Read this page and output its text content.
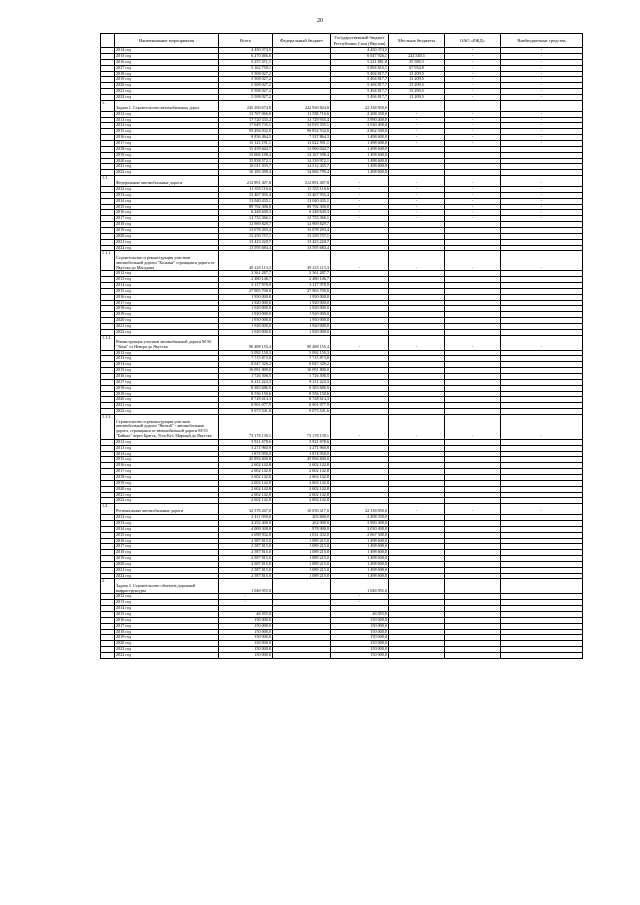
20
	Наименование мероприятия	Всего	Федеральный бюджет	Государственный бюджет Республики Саха (Якутия)	Местные бюджеты	ОАО «РЖД»	Внебюджетные средства
	2014 год	4 450 374,5		4 450 374,5		-	-
	2015 год	6 270 466,6		6 047 926,1	222 540,5	-	-
	2016 год	5 257 471,1		5 221 881,8	35 589,3	-	-
	2017 год	5 162 750,1		5 094 816,1	67 934,0	-	-
	2018 год	5 508 027,2		5 494 817,7	13 209,5	-	-
	2019 год	5 508 027,2		5 494 817,7	13 209,5	-	-
	2020 год	5 508 027,2		5 494 817,7	13 209,5	-	-
	2021 год	5 508 027,2		5 494 817,7	13 209,5	-	-
	2022 год	5 508 027,2		5 494 817,7	13 209,5	-	-
1.	Задача 1. Строительство автомобильных дорог	245 269 674,8	222 930 824,8	22 338 850,0			
	2012 год	13 767 066,6	11 558 716,6	2 208 350,0	-	-	-
	2013 год	17 720 335,4	13 729 935,4	3 990 400,0	-	-	-
	2014 год	17 049 735,1	14 019 335,1	3 030 400,0	-	-	-
	2015 год	93 494 032,0	90 832 532,0	2 662 500,0	-	-	-
	2016 год	8 836 464,3	7 337 864,3	1 498 600,0	-	-	-
	2017 год	15 121 191,1	13 622 591,1	1 498 600,0	-	-	-
	2018 год	15 459 644,7	13 960 044,7	1 498 600,0			
	2019 год	15 666 198,4	14 167 598,4	1 498 600,0			
	2020 год	15 838 572,1	14 339 972,1	1 498 600,0			
	2021 год	16 011 035,7	14 512 435,7	1 498 600,0			
	2022 год	16 183 399,4	14 684 799,4	1 498 600,0			
1.1.	Федеральные автомобильные дороги	212 891 407,8	212 891 407,8	-	-	-	-
	2012 год	11 355 116,6	11 355 116,6	-	-	-	-
	2013 год	13 467 935,4	13 467 935,4	-	-	-	-
	2014 год	13 040 435,1	13 040 435,1	-	-	-	-
	2015 год	89 792 300,0	89 792 300,0	-	-	-	-
	2016 год	6 248 649,3	6 248 649,3	-	-	-	-
	2017 год	12 733 366,1	12 733 366,1	-	-	-	-
	2018 год	12 969 829,7	12 969 829,7				
	2019 год	13 078 293,4	13 078 293,4				
	2020 год	13 250 757,1	13 250 757,1				
	2021 год	13 423 220,7	13 423 220,7				
	2022 год	13 595 684,4	13 595 684,4				
1.1.1.	Строительство и реконструкция участков автомобильной дороги "Колыма" строящаяся дорога от Якутска до Магадана	49 225 113,3	49 225 113,3	-	-	-	-
	2012 год	2 361 287,7	2 361 287,7				
	2013 год	2 480 146,7	2 480 146,7				
	2014 год	3 117 978,9	3 117 978,9				
	2015 год	27 905 700,0	27 905 700,0				
	2016 год	1 950 000,0	1 950 000,0				
	2017 год	1 920 000,0	1 920 000,0				
	2018 год	1 920 000,0	1 920 000,0				
	2019 год	1 920 000,0	1 920 000,0				
	2020 год	1 950 000,0	1 950 000,0				
	2021 год	1 920 000,0	1 920 000,0				
	2022 год	1 920 000,0	1 920 000,0				
1.1.2.	Реконструкция участков автомобильной дороги М-56 "Лена" от Невера до Якутска	90 488 155,4	90 488 155,4	-	-	-	-
	2012 год	5 092 150,3	5 092 150,3				
	2013 год	7 715 873,8	7 715 873,8				
	2014 год	8 047 326,2	8 047 326,2				
	2015 год	16 091 800,0	16 091 800,0				
	2016 год	1 726 506,5	1 726 506,5				
	2017 год	8 211 223,3	8 211 223,3				
	2018 год	8 383 686,9	8 383 686,9				
	2019 год	8 556 150,6	8 556 150,6				
	2020 год	8 728 614,3	8 728 614,3				
	2021 год	8 901 077,9	8 901 077,9				
	2022 год	9 073 541,6	9 073 541,6				
1.1.3.	Строительство и реконструкция участков автомобильной дороги "Вилюй" - автомобильная дорога, строящаяся от автомобильной дороги М-53 "Байкал" через Братск, Усть-Кут, Мирный до Якутска	73 178 139,1	73 178 139,1	-	-	-	-
	2012 год	3 921 678,6	3 921 678,6				
	2013 год	3 271 960,9	3 271 960,9				
	2014 год	1 874 950,0	1 874 950,0				
	2015 год	45 894 600,0	45 894 600,0				
	2016 год	2 602 142,8	2 602 142,8				
	2017 год	2 602 142,8	2 602 142,8				
	2018 год	2 602 142,8	2 602 142,8				
	2019 год	2 602 142,8	2 602 142,8				
	2020 год	2 602 142,8	2 602 142,8				
	2021 год	2 602 142,8	2 602 142,8				
	2022 год	2 602 142,8	2 602 142,8				
1.2.	Региональные автомобильные дороги	32 378 267,0	10 039 417,0	22 338 850,0	-	-	-
	2012 год	2 411 950,0	203 600,0	2 208 350,0			
	2013 год	4 252 400,0	262 000,0	3 990 400,0			
	2014 год	4 009 300,0	978 900,0	3 030 400,0			
	2015 год	3 698 932,0	1 031 432,0	2 667 500,0			
	2016 год	2 587 815,0	1 089 215,0	1 498 600,0			
	2017 год	2 587 815,0	1 089 215,0	1 498 600,0			
	2018 год	2 587 815,0	1 089 215,0	1 498 600,0			
	2019 год	2 587 815,0	1 089 215,0	1 498 600,0			
	2020 год	2 587 815,0	1 089 215,0	1 498 600,0			
	2021 год	2 587 815,0	1 089 215,0	1 498 600,0			
	2022 год	2 587 815,0	1 089 215,0	1 498 600,0			
2.	Задача 2. Строительство объектов дорожной инфраструктуры	1 046 955,0		1 046 955,0			
	2012 год	-		-			
	2013 год	-		-			
	2014 год						
	2015 год	46 955,0		46 955,0			
	2016 год	150 000,0		150 000,0			
	2017 год	150 000,0		150 000,0			
	2018 год	150 000,0		150 000,0			
	2019 год	150 000,0		150 000,0			
	2020 год	150 000,0		150 000,0			
	2021 год	150 000,0		150 000,0			
	2022 год	150 000,0		150 000,0			
